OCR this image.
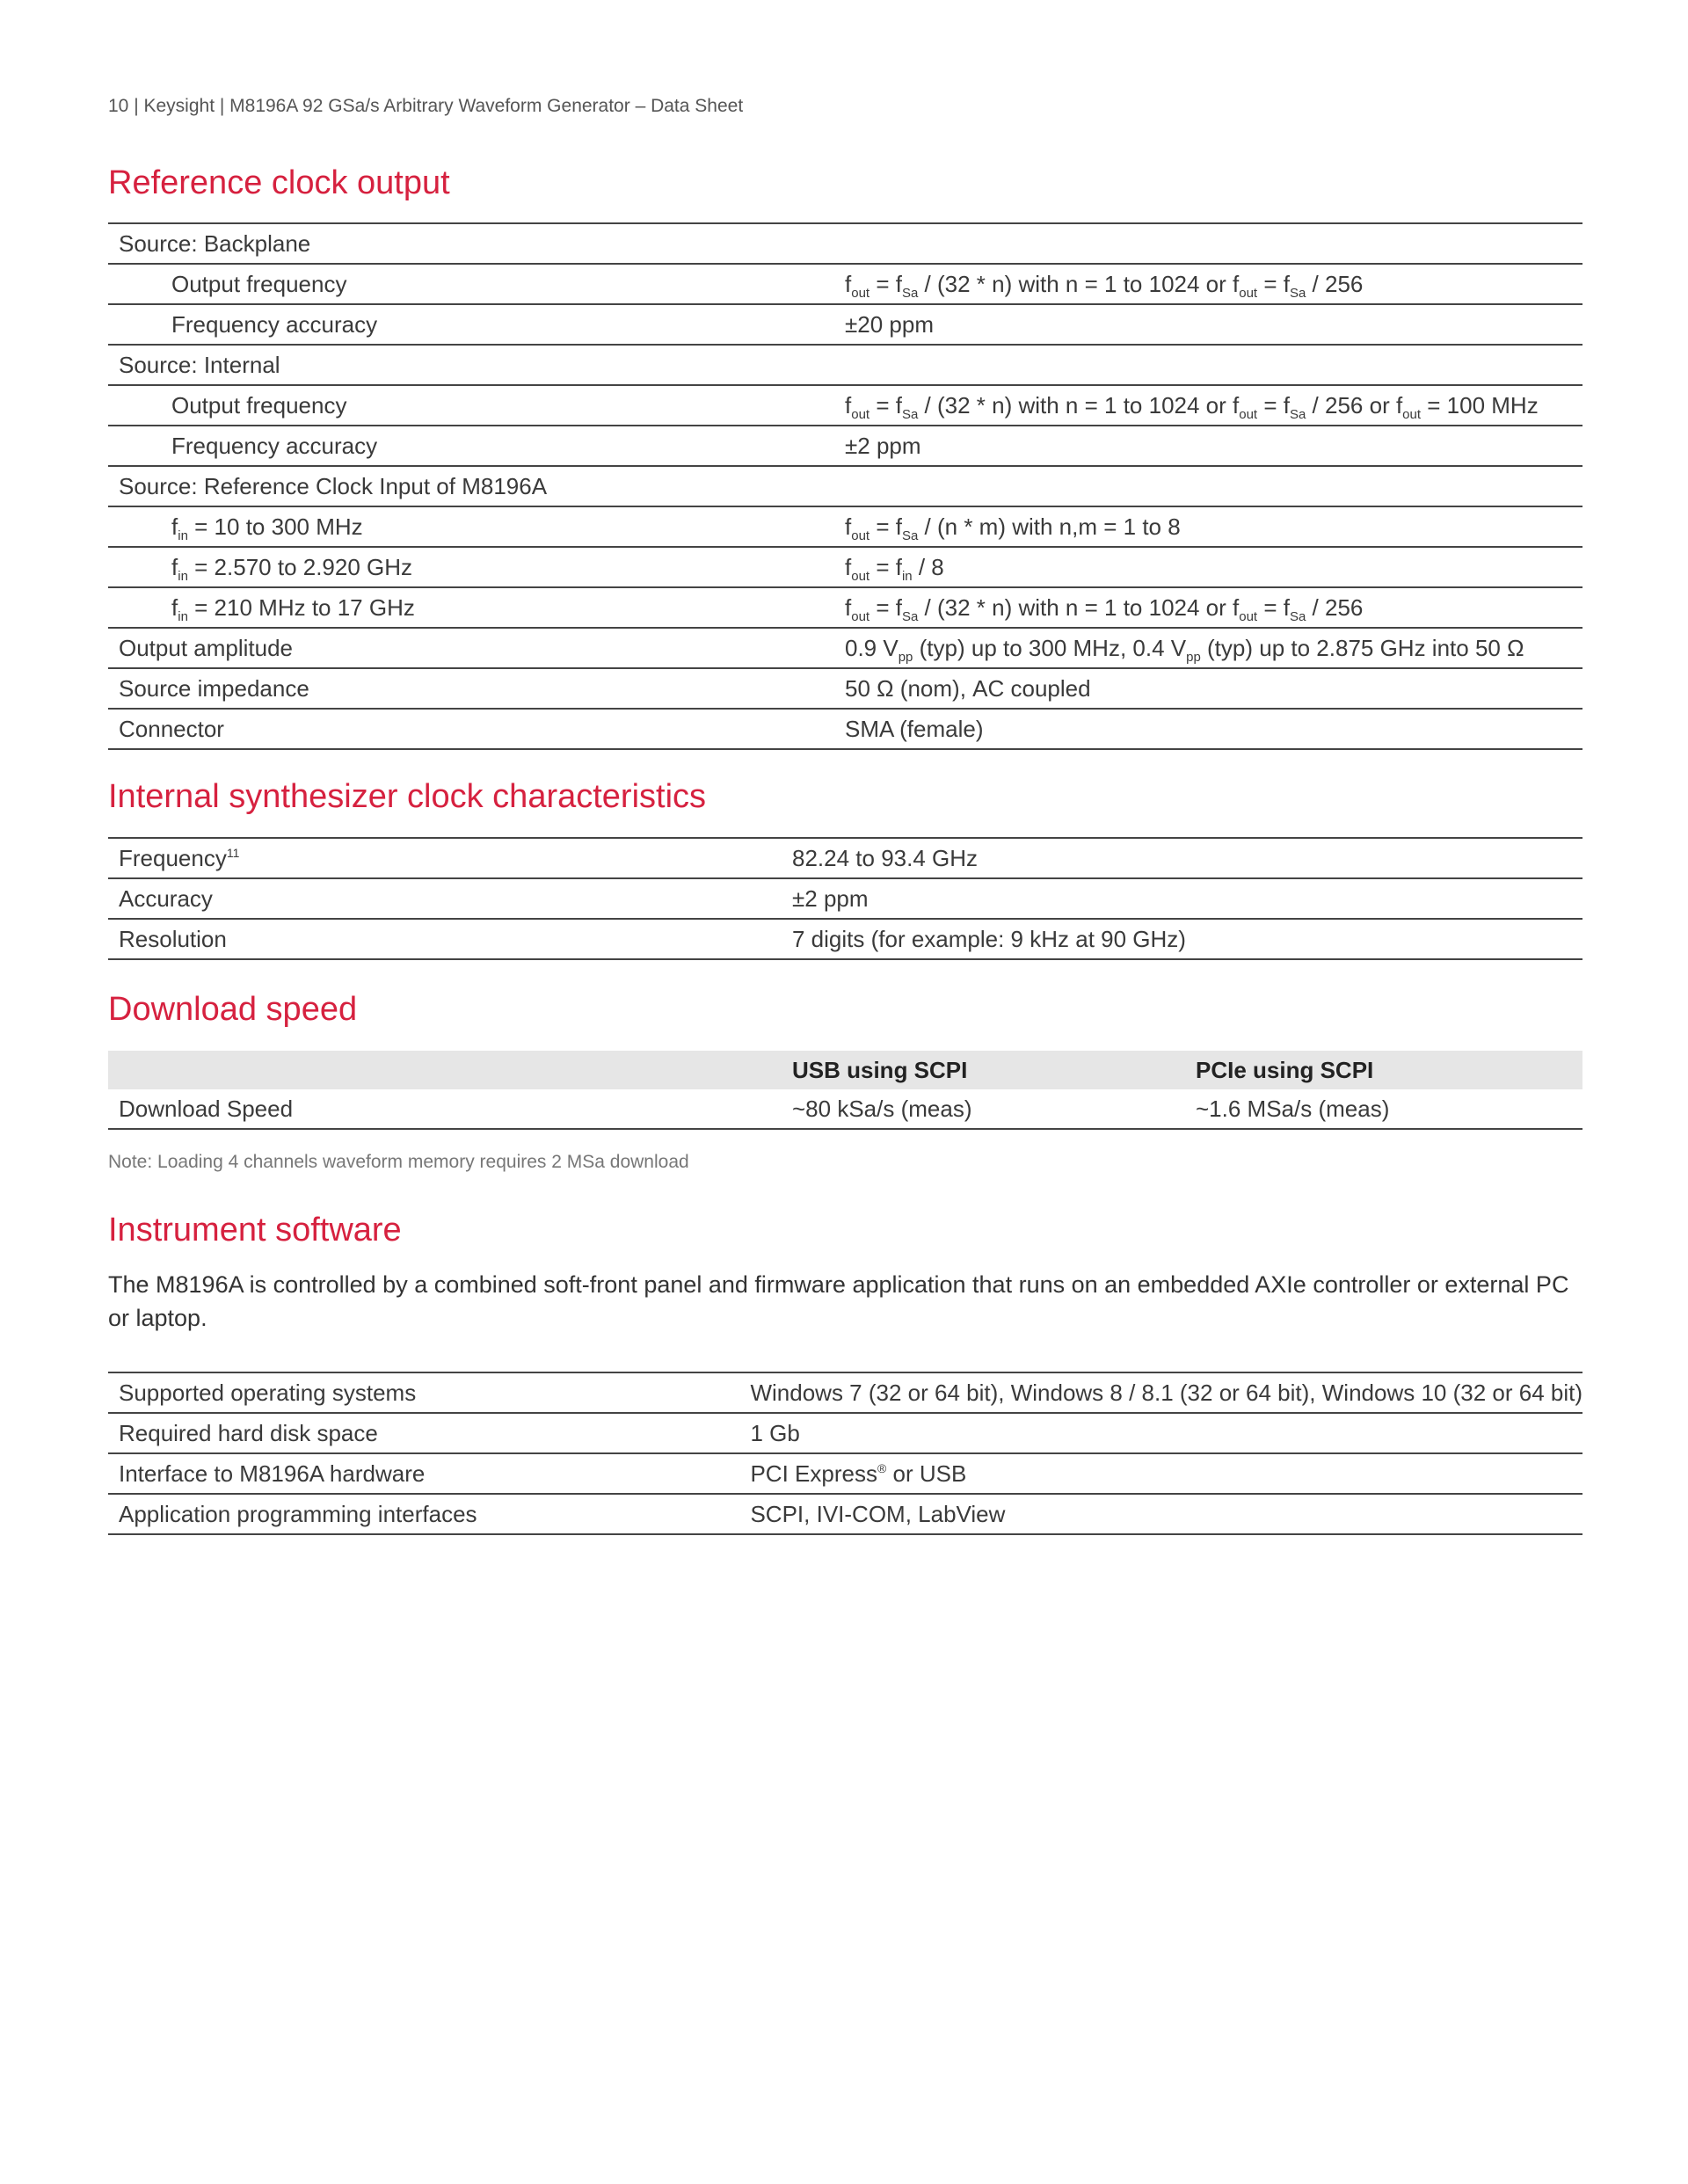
10 | Keysight | M8196A 92 GSa/s Arbitrary Waveform Generator – Data Sheet
Reference clock output
Source: Backplane	
Output frequency	$f_{out} = f_{Sa} / (32 * n)$ with n = 1 to 1024 or $f_{out} = f_{Sa} / 256$
Frequency accuracy	±20 ppm
Source: Internal	
Output frequency	$f_{out} = f_{Sa} / (32 * n)$ with n = 1 to 1024 or $f_{out} = f_{Sa} / 256$ or $f_{out} = 100$ MHz
Frequency accuracy	±2 ppm
Source: Reference Clock Input of M8196A	
$f_{in} = 10$ to 300 MHz	$f_{out} = f_{Sa} / (n * m)$ with n,m = 1 to 8
$f_{in} = 2.570$ to 2.920 GHz	$f_{out} = f_{in} / 8$
$f_{in} = 210$ MHz to 17 GHz	$f_{out} = f_{Sa} / (32 * n)$ with n = 1 to 1024 or $f_{out} = f_{Sa} / 256$
Output amplitude	0.9 $V_{pp}$ (typ) up to 300 MHz, 0.4 $V_{pp}$ (typ) up to 2.875 GHz into 50 Ω
Source impedance	50 Ω (nom), AC coupled
Connector	SMA (female)
Internal synthesizer clock characteristics
Frequency$^{11}$	82.24 to 93.4 GHz
Accuracy	±2 ppm
Resolution	7 digits (for example: 9 kHz at 90 GHz)
Download speed
	USB using SCPI	PCIe using SCPI
Download Speed	~80 kSa/s (meas)	~1.6 MSa/s (meas)
Note: Loading 4 channels waveform memory requires 2 MSa download
Instrument software

The M8196A is controlled by a combined soft-front panel and firmware application that runs on an embedded AXIe controller or external PC or laptop.

Supported operating systems	Windows 7 (32 or 64 bit), Windows 8 / 8.1 (32 or 64 bit), Windows 10 (32 or 64 bit)
Required hard disk space	1 Gb
Interface to M8196A hardware	PCI Express® or USB
Application programming interfaces	SCPI, IVI-COM, LabView
